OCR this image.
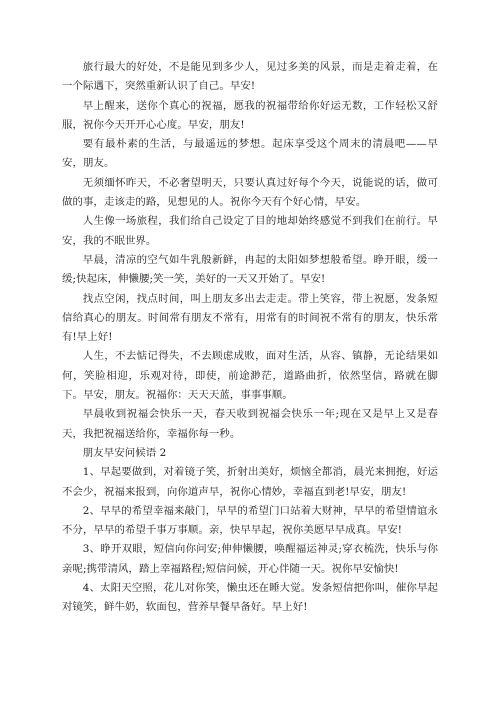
旅行最大的好处，不是能见到多少人，见过多美的风景，而是走着走着，在一个际遇下，突然重新认识了自己。早安!

早上醒来，送你个真心的祝福，愿我的祝福带给你好运无数，工作轻松又舒服，祝你今天开开心心度。早安，朋友!

要有最朴素的生活，与最遥远的梦想。起床享受这个周末的清晨吧——早安，朋友。

无须缅怀昨天，不必奢望明天，只要认真过好每个今天，说能说的话，做可做的事，走该走的路，见想见的人。祝你今天有个好心情，早安。

人生像一场旅程，我们给自己设定了目的地却始终感觉不到我们在前行。早安，我的不眠世界。

早晨，清凉的空气如牛乳般新鲜，冉起的太阳如梦想般希望。睁开眼，缓一缓;快起床，伸懒腰;笑一笑，美好的一天又开始了。早安!

找点空闲，找点时间，叫上朋友多出去走走。带上笑容，带上祝愿，发条短信给真心的朋友。时间常有朋友不常有，用常有的时间祝不常有的朋友，快乐常有!早上好!

人生，不去惦记得失，不去顾虑成败，面对生活，从容、镇静，无论结果如何，笑脸相迎，乐观对待，即使，前途渺茫，道路曲折，依然坚信，路就在脚下。早安，朋友。祝福你：天天天蓝，事事事顺。

早晨收到祝福会快乐一天，春天收到祝福会快乐一年;现在又是早上又是春天，我把祝福送给你，幸福你每一秒。

朋友早安问候语 2

1、早起要做到，对着镜子笑，折射出美好，烦恼全都消，晨光来拥抱，好运不会少，祝福来报到，向你道声早，祝你心情妙，幸福直到老!早安，朋友!

2、早早的希望幸福来敲门，早早的希望门口站着大财神，早早的希望情谊永不分，早早的希望千事万事顺。亲，快早早起，祝你美愿早早成真。早安!

3、睁开双眼，短信向你问安;伸伸懒腰，唤醒福运神灵;穿衣梳洗，快乐与你亲呢;携带清风，踏上幸福路程;短信问候，开心伴随一天。祝你早安愉快!

4、太阳天空照，花儿对你笑，懒虫还在睡大觉。发条短信把你叫，催你早起对镜笑，鲜牛奶，软面包，营养早餐早备好。早上好!
